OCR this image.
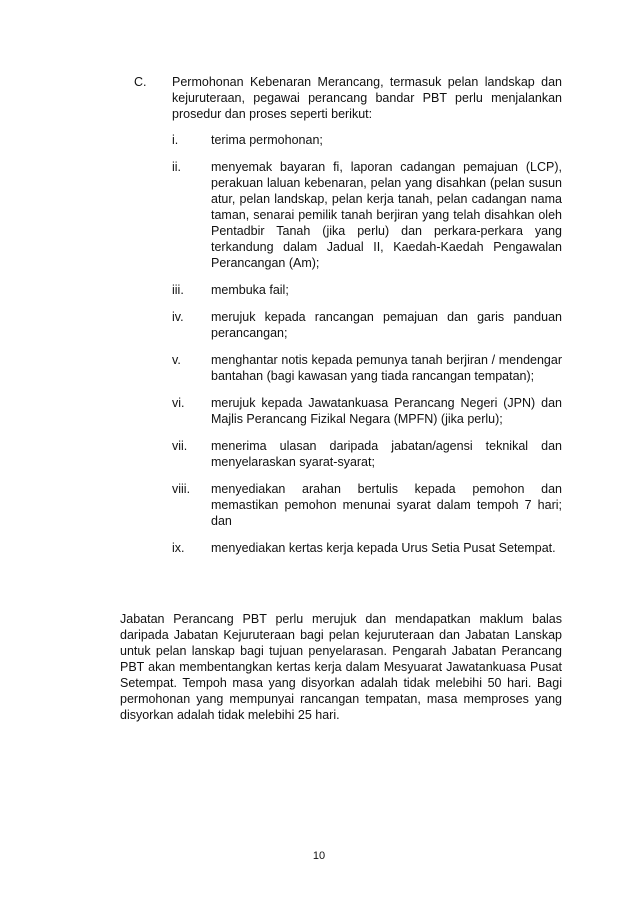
C.	Permohonan Kebenaran Merancang, termasuk pelan landskap dan kejuruteraan, pegawai perancang bandar PBT perlu menjalankan prosedur dan proses seperti berikut:

i.	terima permohonan;
ii.	menyemak bayaran fi, laporan cadangan pemajuan (LCP), perakuan laluan kebenaran, pelan yang disahkan (pelan susun atur, pelan landskap, pelan kerja tanah, pelan cadangan nama taman, senarai pemilik tanah berjiran yang telah disahkan oleh Pentadbir Tanah (jika perlu) dan perkara-perkara yang terkandung dalam Jadual II, Kaedah-Kaedah Pengawalan Perancangan (Am);
iii.	membuka fail;
iv.	merujuk kepada rancangan pemajuan dan garis panduan perancangan;
v.	menghantar notis kepada pemunya tanah berjiran / mendengar bantahan (bagi kawasan yang tiada rancangan tempatan);
vi.	merujuk kepada Jawatankuasa Perancang Negeri (JPN) dan Majlis Perancang Fizikal Negara (MPFN) (jika perlu);
vii.	menerima ulasan daripada jabatan/agensi teknikal dan menyelaraskan syarat-syarat;
viii.	menyediakan arahan bertulis kepada pemohon dan memastikan pemohon menunai syarat dalam tempoh 7 hari; dan
ix.	menyediakan kertas kerja kepada Urus Setia Pusat Setempat.

Jabatan Perancang PBT perlu merujuk dan mendapatkan maklum balas daripada Jabatan Kejuruteraan bagi pelan kejuruteraan dan Jabatan Lanskap untuk pelan lanskap bagi tujuan penyelarasan. Pengarah Jabatan Perancang PBT akan membentangkan kertas kerja dalam Mesyuarat Jawatankuasa Pusat Setempat. Tempoh masa yang disyorkan adalah tidak melebihi 50 hari. Bagi permohonan yang mempunyai rancangan tempatan, masa memproses yang disyorkan adalah tidak melebihi 25 hari.

10
